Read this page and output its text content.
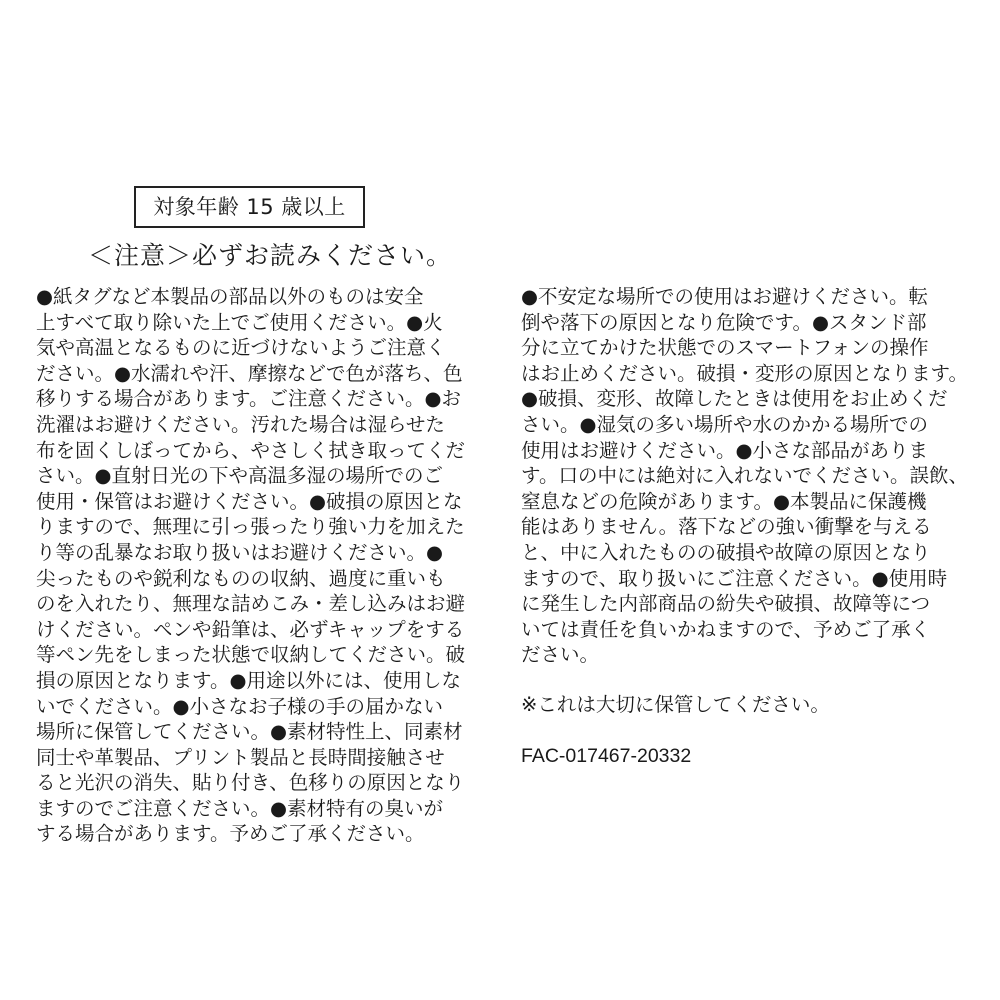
対象年齢 15 歳以上
＜注意＞必ずお読みください。
●紙タグなど本製品の部品以外のものは安全
上すべて取り除いた上でご使用ください。●火
気や高温となるものに近づけないようご注意く
ださい。●水濡れや汗、摩擦などで色が落ち、色
移りする場合があります。ご注意ください。●お
洗濯はお避けください。汚れた場合は湿らせた
布を固くしぼってから、やさしく拭き取ってくだ
さい。●直射日光の下や高温多湿の場所でのご
使用・保管はお避けください。●破損の原因とな
りますので、無理に引っ張ったり強い力を加えた
り等の乱暴なお取り扱いはお避けください。●
尖ったものや鋭利なものの収納、過度に重いも
のを入れたり、無理な詰めこみ・差し込みはお避
けください。ペンや鉛筆は、必ずキャップをする
等ペン先をしまった状態で収納してください。破
損の原因となります。●用途以外には、使用しな
いでください。●小さなお子様の手の届かない
場所に保管してください。●素材特性上、同素材
同士や革製品、プリント製品と長時間接触させ
ると光沢の消失、貼り付き、色移りの原因となり
ますのでご注意ください。●素材特有の臭いが
する場合があります。予めご了承ください。
●不安定な場所での使用はお避けください。転
倒や落下の原因となり危険です。●スタンド部
分に立てかけた状態でのスマートフォンの操作
はお止めください。破損・変形の原因となります。
●破損、変形、故障したときは使用をお止めくだ
さい。●湿気の多い場所や水のかかる場所での
使用はお避けください。●小さな部品がありま
す。口の中には絶対に入れないでください。誤飲、
窒息などの危険があります。●本製品に保護機
能はありません。落下などの強い衝撃を与える
と、中に入れたものの破損や故障の原因となり
ますので、取り扱いにご注意ください。●使用時
に発生した内部商品の紛失や破損、故障等につ
いては責任を負いかねますので、予めご了承く
ださい。
※これは大切に保管してください。
FAC-017467-20332
